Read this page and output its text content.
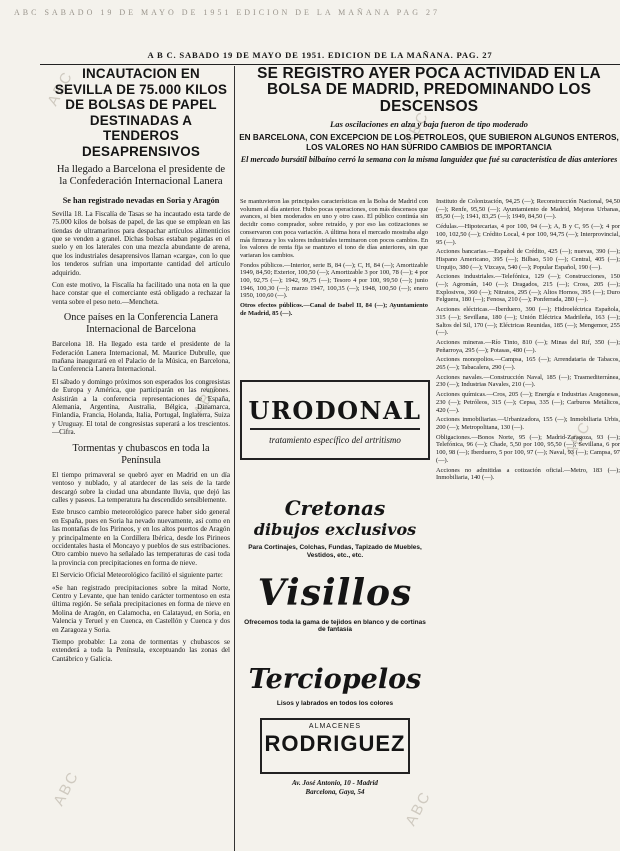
ABC
ABC
ABC
ABC
ABC	ABC
ABC SABADO 19 DE MAYO DE 1951 EDICION DE LA MAÑANA PAG 27
A B C. SABADO 19 DE MAYO DE 1951. EDICION DE LA MAÑANA. PAG. 27
INCAUTACION EN SEVILLA DE 75.000 KILOS DE BOLSAS DE PAPEL DESTINADAS A TENDEROS DESAPRENSIVOS
Ha llegado a Barcelona el presidente de la Confederación Internacional Lanera
Se han registrado nevadas en Soria y Aragón
Sevilla 18. La Fiscalía de Tasas se ha incautado esta tarde de 75.000 kilos de bolsas de papel, de las que se emplean en las tiendas de ultramarinos para despachar artículos alimenticios que se venden a granel. Dichas bolsas estaban pegadas en el suelo y en los laterales con una mezcla abundante de arena, que los industriales desaprensivos llaman «carga», con lo que los tenderos sufrían una importante cantidad del artículo adquirido.
Con este motivo, la Fiscalía ha facilitado una nota en la que hace constar que el comerciante está obligado a rechazar la venta sobre el peso neto.—Mencheta.
Once países en la Conferencia Lanera Internacional de Barcelona
Barcelona 18. Ha llegado esta tarde el presidente de la Federación Lanera Internacional, M. Maurice Dubrulle, que mañana inaugurará en el Palacio de la Música, en Barcelona, la Conferencia Lanera Internacional.
El sábado y domingo próximos son esperados los congresistas de Europa y América, que participarán en las reuniones. Asistirán a la conferencia representaciones de España, Alemania, Argentina, Australia, Bélgica, Dinamarca, Finlandia, Francia, Holanda, Italia, Portugal, Inglaterra, Suiza y Uruguay. El total de congresistas superará a los trescientos.—Cifra.
Tormentas y chubascos en toda la Península
El tiempo primaveral se quebró ayer en Madrid en un día ventoso y nublado, y al atardecer de las seis de la tarde descargó sobre la ciudad una abundante lluvia, que dejó las calles y paseos. La temperatura ha descendido sensiblemente.
Este brusco cambio meteorológico parece haber sido general en España, pues en Soria ha nevado nuevamente, así como en las montañas de los Pirineos, y en los altos puertos de Aragón y principalmente en la Cordillera Ibérica, desde los Pirineos occidentales hasta el Moncayo y pueblos de sus estribaciones. Otro cambio nuevo ha señalado las temperaturas de casi toda la provincia con precipitaciones en forma de nieve.
El Servicio Oficial Meteorológico facilitó el siguiente parte:
«Se han registrado precipitaciones sobre la mitad Norte, Centro y Levante, que han tenido carácter tormentoso en esta última región. Se señala precipitaciones en forma de nieve en Molina de Aragón, en Calamocha, en Calatayud, en Soria, en Valencia y Teruel y en Cuenca, en Castellón y Cuenca y dos en Zaragoza y Soria.
Tiempo probable: La zona de tormentas y chubascos se extenderá a toda la Península, exceptuando las zonas del Cantábrico y Galicia.
SE REGISTRO AYER POCA ACTIVIDAD EN LA BOLSA DE MADRID, PREDOMINANDO LOS DESCENSOS
Las oscilaciones en alza y baja fueron de tipo moderado
EN BARCELONA, CON EXCEPCION DE LOS PETROLEOS, QUE SUBIERON ALGUNOS ENTEROS, LOS VALORES NO HAN SUFRIDO CAMBIOS DE IMPORTANCIA
El mercado bursátil bilbaíno cerró la semana con la misma languidez que fué su característica de días anteriores
Se mantuvieron las principales características en la Bolsa de Madrid con volumen al día anterior. Hubo pocas operaciones, con más descensos que avances, si bien moderados en uno y otro caso. El público continúa sin decidir como comprador, sobre retraído, y por eso las cotizaciones se conservaron con poca variación. A última hora el mercado mostraba algo más firmeza y los valores industriales terminaron con pocos cambios. En los valores de renta fija se mantuvo el tono de días anteriores, sin que variaran los cambios.
Fondos públicos.—Interior, serie B, 84 (—); C, H, 84 (—); Amortizable 1949, 84,50; Exterior, 100,50 (—); Amortizable 3 por 100, 78 (—); 4 por 100, 92,75 (—); 1942, 99,75 (—); Tesoro 4 por 100, 99,50 (—); junio 1946, 100,30 (—); marzo 1947, 100,35 (—); 1948, 100,50 (—); enero 1950, 100,60 (—).
Otros efectos públicos.—Canal de Isabel II, 84 (—); Ayuntamiento de Madrid, 85 (—).
URODONAL
tratamiento específico del artritismo
Cretonas
dibujos exclusivos
Para Cortinajes, Colchas, Fundas, Tapizado de Muebles, Vestidos, etc., etc.
Visillos
Ofrecemos toda la gama de tejidos en blanco y de cortinas de fantasía
Terciopelos
Lisos y labrados en todos los colores
ALMACENES
RODRIGUEZ
Av. José Antonio, 10 - Madrid
Barcelona, Gaya, 54
Instituto de Colonización, 94,25 (—); Reconstrucción Nacional, 94,50 (—); Renfe, 95,50 (—); Ayuntamiento de Madrid, Mejoras Urbanas, 85,50 (—); 1941, 83,25 (—); 1949, 84,50 (—).
Cédulas.—Hipotecarias, 4 por 100, 94 (—); A, B y C, 95 (—); 4 por 100, 102,50 (—); Crédito Local, 4 por 100, 94,75 (—); Interprovincial, 95 (—).
Acciones bancarias.—Español de Crédito, 425 (—); nuevas, 390 (—); Hispano Americano, 395 (—); Bilbao, 510 (—); Central, 405 (—); Urquijo, 380 (—); Vizcaya, 540 (—); Popular Español, 190 (—).
Acciones industriales.—Telefónica, 129 (—); Construcciones, 150 (—); Agromán, 140 (—); Dragados, 215 (—); Cross, 205 (—); Explosivos, 360 (—); Nitratos, 295 (—); Altos Hornos, 395 (—); Duro Felguera, 180 (—); Fenosa, 210 (—); Ponferrada, 280 (—).
Acciones eléctricas.—Iberduero, 390 (—); Hidroeléctrica Española, 315 (—); Sevillana, 180 (—); Unión Eléctrica Madrileña, 163 (—); Saltos del Sil, 170 (—); Eléctricas Reunidas, 185 (—); Mengemor, 255 (—).
Acciones mineras.—Río Tinto, 810 (—); Minas del Rif, 350 (—); Peñarroya, 295 (—); Potasas, 480 (—).
Acciones monopolios.—Campsa, 165 (—); Arrendataria de Tabacos, 265 (—); Tabacalera, 290 (—).
Acciones navales.—Construcción Naval, 185 (—); Trasmediterránea, 230 (—); Industrias Navales, 210 (—).
Acciones químicas.—Cros, 205 (—); Energía e Industrias Aragonesas, 230 (—); Petróleos, 315 (—); Cepsa, 335 (—); Carburos Metálicos, 420 (—).
Acciones inmobiliarias.—Urbanizadora, 155 (—); Inmobiliaria Urbis, 200 (—); Metropolitana, 130 (—).
Obligaciones.—Bonos Norte, 95 (—); Madrid-Zaragoza, 93 (—); Telefónica, 96 (—); Chade, 5,50 por 100, 95,50 (—); Sevillana, 6 por 100, 98 (—); Iberduero, 5 por 100, 97 (—); Naval, 93 (—); Campsa, 97 (—).
Acciones no admitidas a cotización oficial.—Metro, 183 (—); Inmobiliaria, 140 (—).
